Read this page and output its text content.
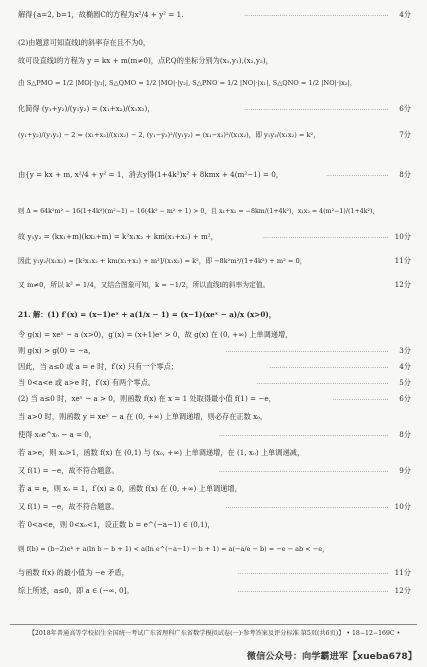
解得{a=2, b=1，故椭圆C的方程为x²/4 + y² = 1.	…………………………………………………………… 4分
(2)由题意可知直线l的斜率存在且不为0，
故可设直线l的方程为 y = kx + m(m≠0)，点P,Q的坐标分别为(x₁,y₁),(x₂,y₂)，
由 S△PMO = 1/2 |MO|·|y₁|, S△QMO = 1/2 |MO|·|y₂|, S△PNO = 1/2 |NO|·|x₁|, S△QNO = 1/2 |NO|·|x₂|，
化简得 (y₁+y₂)/(y₁y₂) = (x₁+x₂)/(x₁x₂)，	…………………………………………………………… 6分
(y₁+y₂)/(y₁y₂) − 2 = (x₁+x₂)/(x₁x₂) − 2, (y₁−y₂)²/(y₁y₂) = (x₁−x₂)²/(x₁x₂)，即 y₁y₂/(x₁x₂) = k²，	7分
由{y = kx + m, x²/4 + y² = 1，消去y得(1+4k²)x² + 8kmx + 4(m²−1) = 0，	………………………… 8分
则 Δ = 64k²m² − 16(1+4k²)(m²−1) − 16(4k² − m² + 1) > 0，且 x₁+x₂ = −8km/(1+4k²)，x₁x₂ = 4(m²−1)/(1+4k²)，
故 y₁y₂ = (kx₁+m)(kx₂+m) = k²x₁x₂ + km(x₁+x₂) + m²，	…………………………………………………… 10分
因此 y₁y₂/(x₁x₂) = [k²x₁x₂ + km(x₁+x₂) + m²]/(x₁x₂) = k²，即 −8k²m²/(1+4k²) + m² = 0，	11分
又 m≠0，所以 k² = 1/4，又结合图象可知，k = −1/2，所以直线l的斜率为定值。	12分
21. 解：(1) f′(x) = (x−1)eˣ + a(1/x − 1) = (x−1)(xeˣ − a)/x (x>0)，
令 g(x) = xeˣ − a (x>0)，g′(x) = (x+1)eˣ > 0，故 g(x) 在 (0, +∞) 上单调递增，
则 g(x) > g(0) = −a，	…………………………………………………………………… 3分
因此，当 a≤0 或 a = e 时，f′(x) 只有一个零点；	………………………………………………… 4分
当 0<a<e 或 a>e 时，f′(x) 有两个零点。	……………………………………………………… 5分
(2) 当 a≤0 时，xeˣ − a > 0，则函数 f(x) 在 x = 1 处取得最小值 f(1) = −e，	……………………… 6分
当 a>0 时，则函数 y = xeˣ − a 在 (0, +∞) 上单调递增，则必存在正数 x₀，
使得 x₀e^x₀ − a = 0，	……………………………………………………………………… 8分
若 a>e，则 x₀>1，函数 f(x) 在 (0,1) 与 (x₀, +∞) 上单调递增，在 (1, x₀) 上单调递减，
又 f(1) = −e，故不符合题意。	……………………………………………………………………… 9分
若 a = e，则 x₀ = 1，f′(x) ≥ 0，函数 f(x) 在 (0, +∞) 上单调递增，
又 f(1) = −e，故不符合题意。	…………………………………………………………………… 10分
若 0<a<e，则 0<x₀<1，设正数 b = e^(−a−1) ∈ (0,1)，
则 f(b) = (b−2)eᵇ + a(ln b − b + 1) < a(ln e^(−a−1) − b + 1) = a(−a/e − b) = −e − ab < −e，
与函数 f(x) 的最小值为 −e 矛盾，	……………………………………………………………… 11分
综上所述，a≤0，即 a ∈ (−∞, 0]。	……………………………………………………………… 12分
【2018年普通高等学校招生全国统一考试广东省理科广东省数学模拟试卷(一)·参考答案及评分标准 第5页(共6页)】 • 18−12−169C •
微信公众号：向学霸进军【xueba678】
